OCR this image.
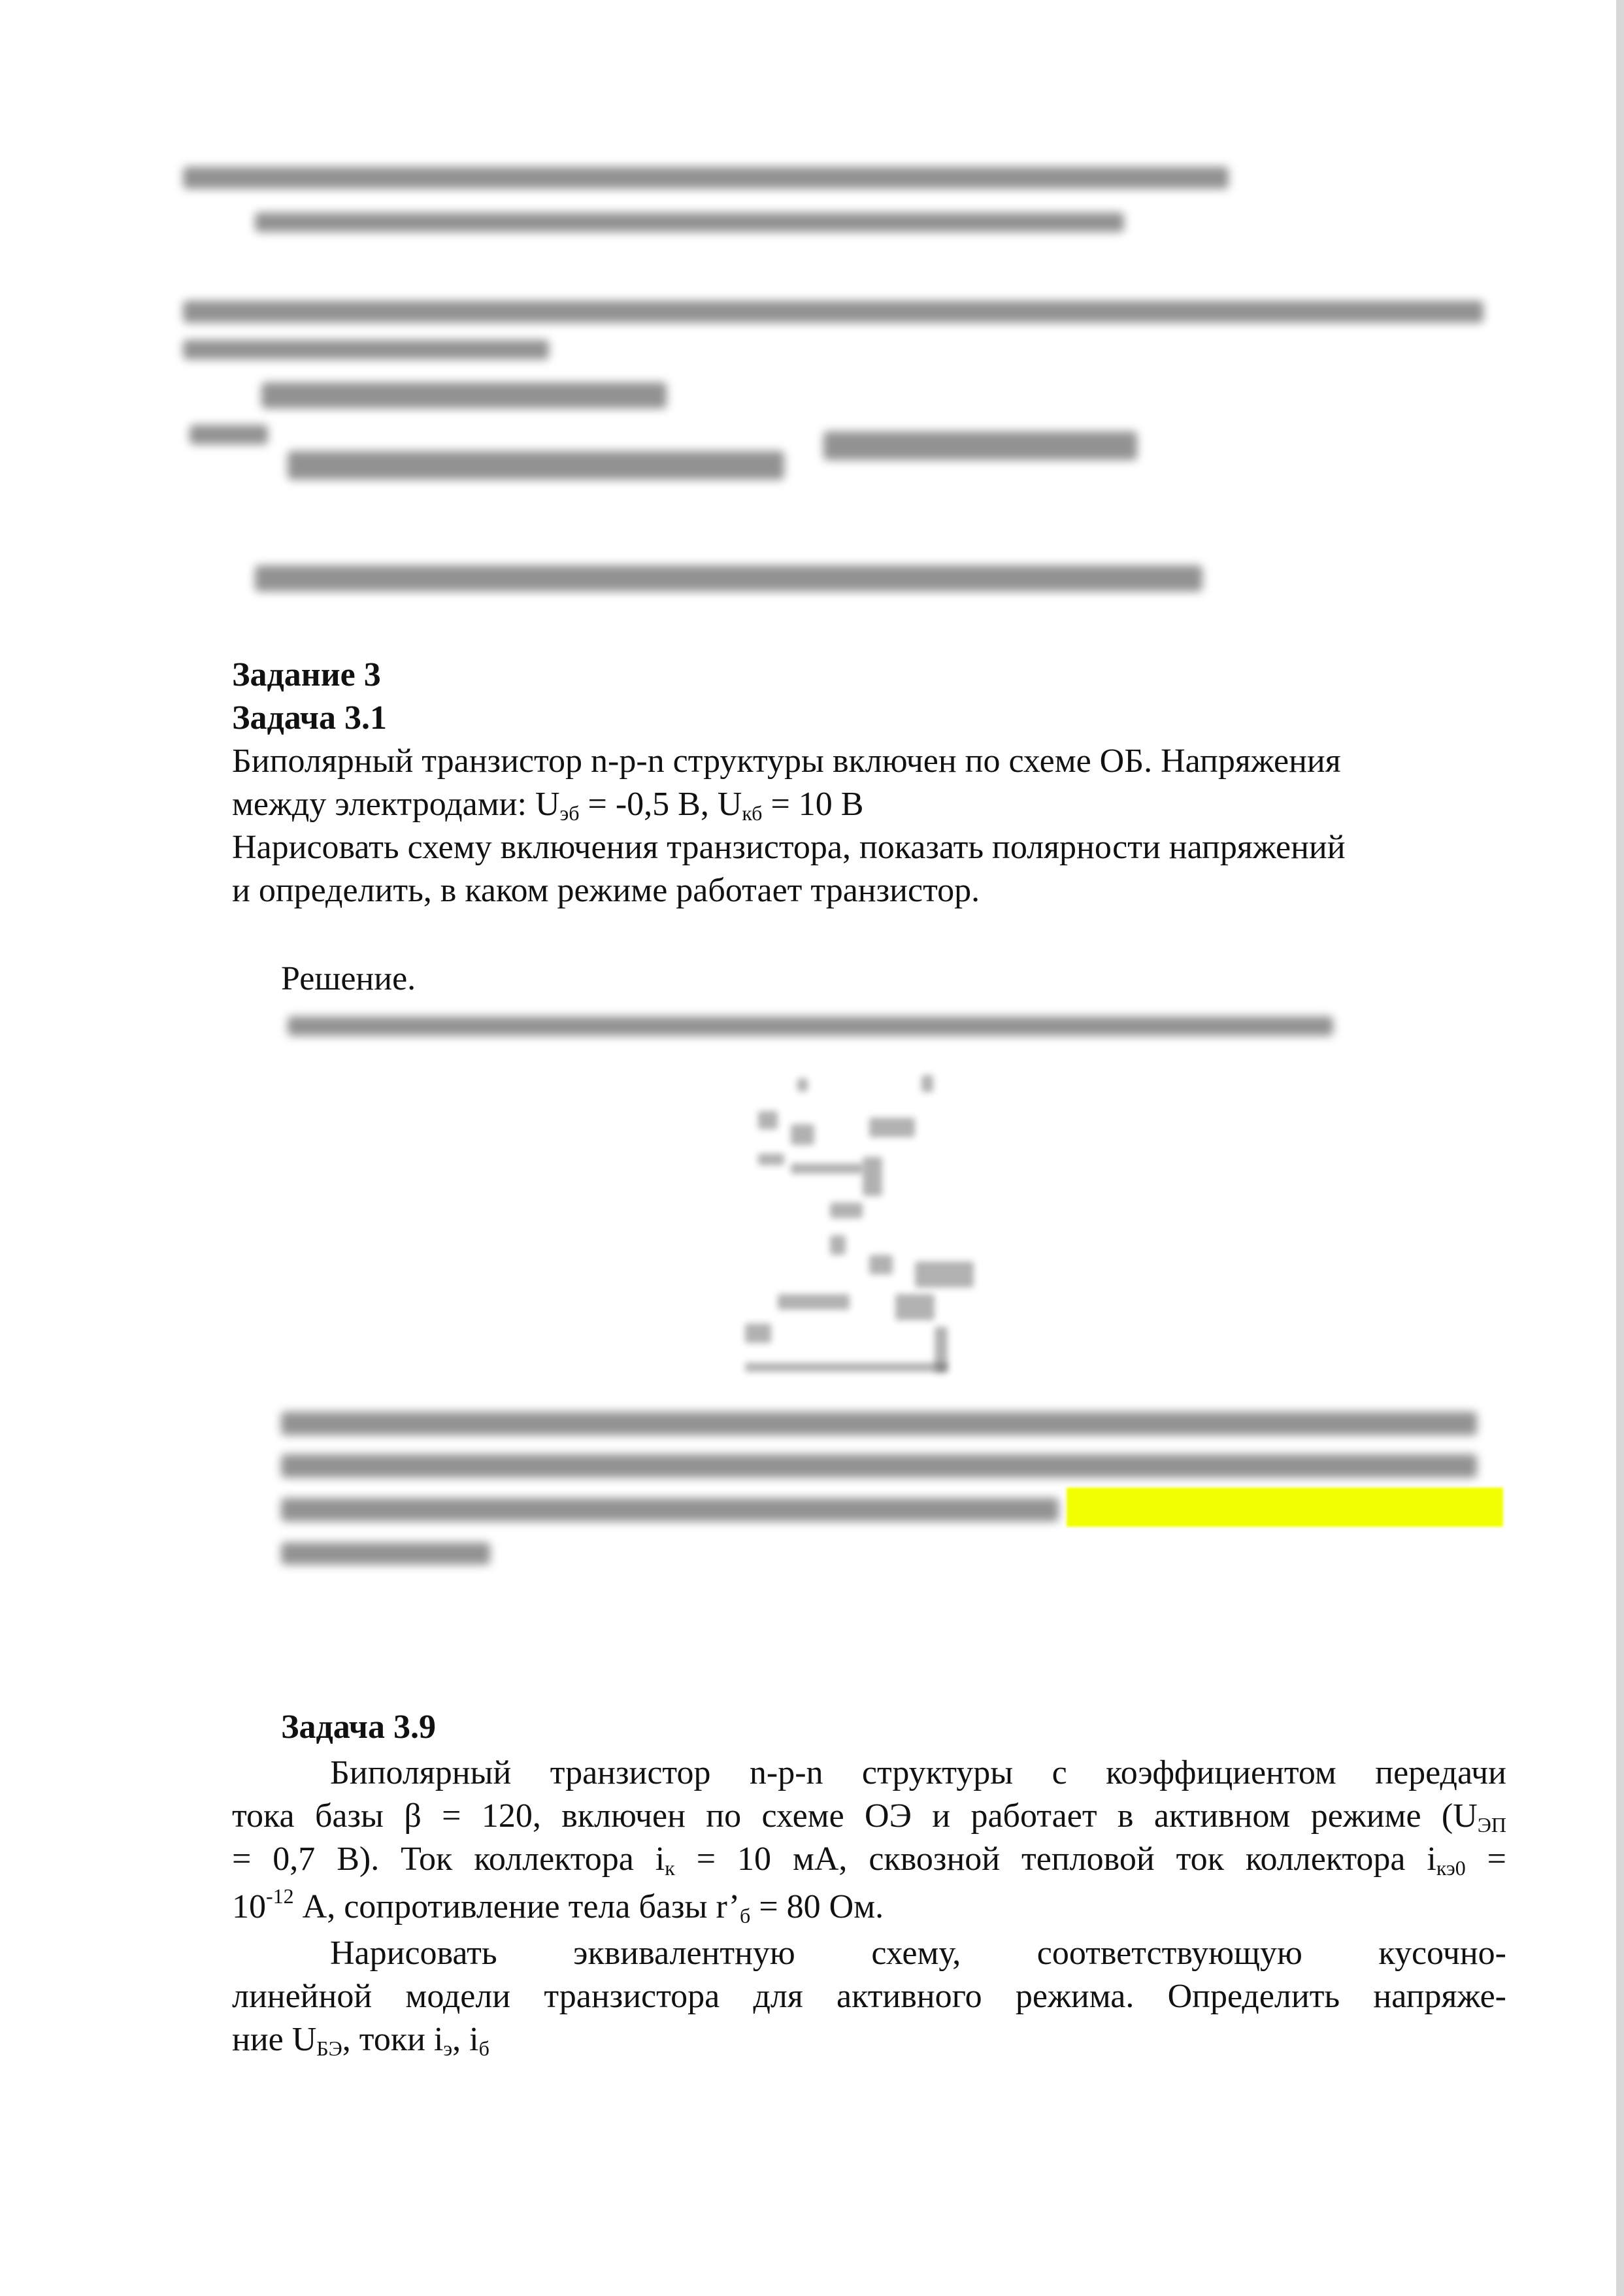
Задание 3
Задача 3.1
Биполярный транзистор n-p-n структуры включен по схеме ОБ. Напряжения
между электродами: $U_{эб} = -0,5$ В, $U_{кб} = 10$ В
Нарисовать схему включения транзистора, показать полярности напряжений
и определить, в каком режиме работает транзистор.
Решение.
Задача 3.9
Биполярный транзистор n-p-n структуры с коэффициентом передачи
тока базы β = 120, включен по схеме ОЭ и работает в активном режиме ($U_{ЭП}$
= 0,7 В). Ток коллектора $i_к = 10$ мА, сквозной тепловой ток коллектора $i_{кэ0}$ =
$10^{-12}$ А, сопротивление тела базы $r’_б = 80$ Ом.
Нарисовать эквивалентную схему, соответствующую кусочно-
линейной модели транзистора для активного режима. Определить напряже-
ние $U_{БЭ}$, токи $i_э$, $i_б$
